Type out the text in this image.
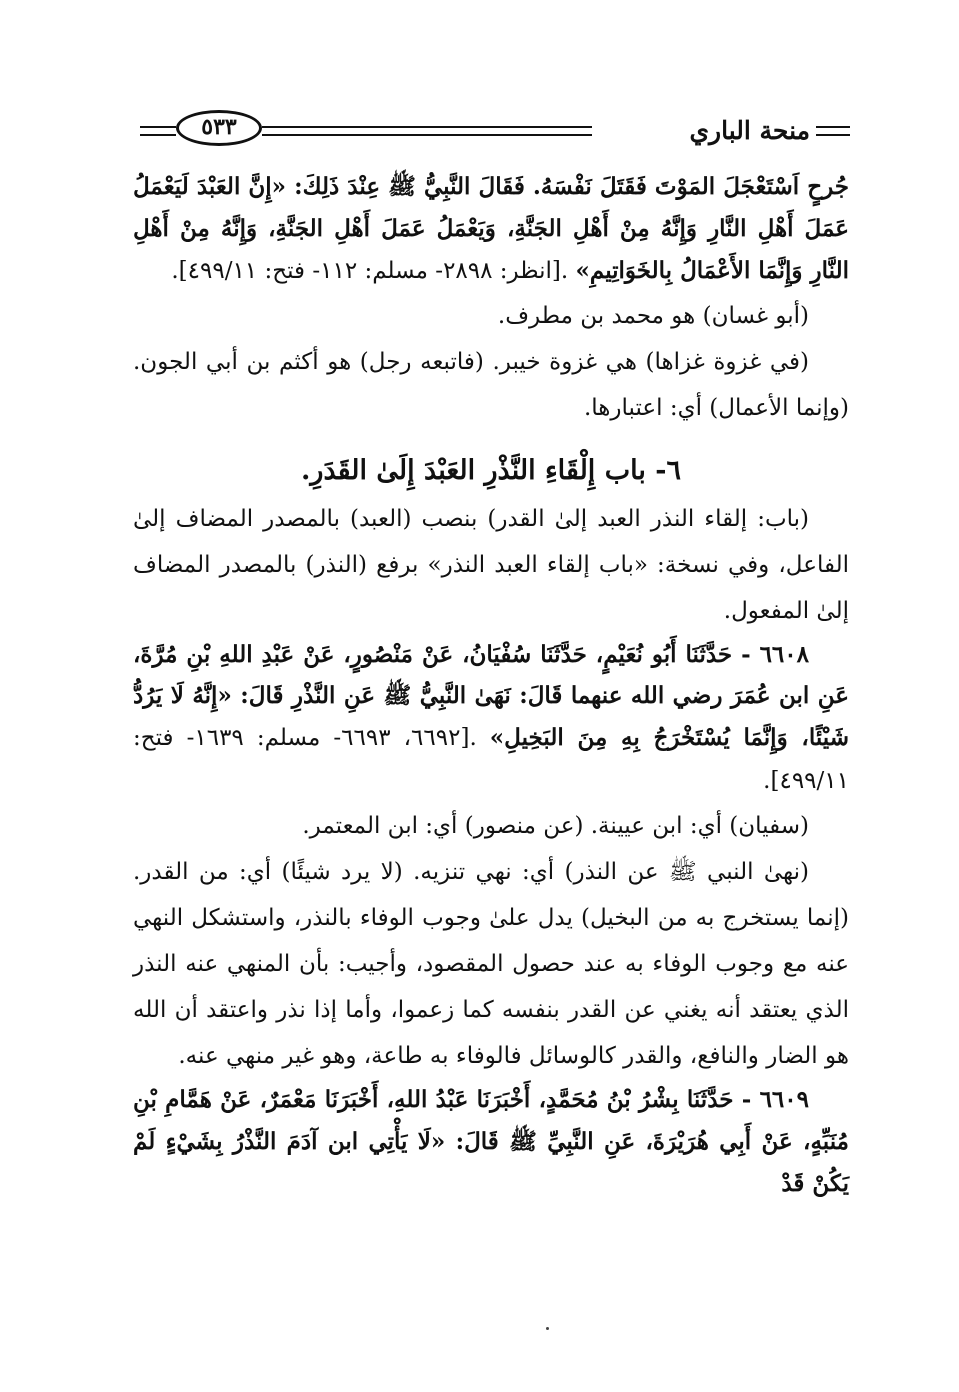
منحة الباري
٥٣٣

جُرحٍ اَسْتَعْجَلَ المَوْتَ فَقَتَلَ نَفْسَهُ. فَقَالَ النَّبِيُّ ﷺ عِنْدَ ذَلِكَ: «إِنَّ العَبْدَ لَيَعْمَلُ عَمَلَ أَهْلِ النَّارِ وَإِنَّهُ مِنْ أَهْلِ الجَنَّةِ، وَيَعْمَلُ عَمَلَ أَهْلِ الجَنَّةِ، وَإِنَّهُ مِنْ أَهْلِ النَّارِ وَإِنَّمَا الأَعْمَالُ بِالخَوَاتِيمِ» .[انظر: ٢٨٩٨- مسلم: ١١٢- فتح: ٤٩٩/١١].

(أبو غسان) هو محمد بن مطرف.

(في غزوة غزاها) هي غزوة خيبر. (فاتبعه رجل) هو أكثم بن أبي الجون. (وإنما الأعمال) أي: اعتبارها.

٦- باب إِلْقَاءِ النَّذْرِ العَبْدَ إِلَىٰ القَدَرِ.

(باب: إلقاء النذر العبد إلىٰ القدر) بنصب (العبد) بالمصدر المضاف إلىٰ الفاعل، وفي نسخة: «باب إلقاء العبد النذر» برفع (النذر) بالمصدر المضاف إلىٰ المفعول.

٦٦٠٨ - حَدَّثَنَا أَبُو نُعَيْمٍ، حَدَّثَنَا سُفْيَانُ، عَنْ مَنْصُورٍ، عَنْ عَبْدِ اللهِ بْنِ مُرَّةَ، عَنِ ابن عُمَرَ رضي الله عنهما قَالَ: نَهَىٰ النَّبِيُّ ﷺ عَنِ النَّذْرِ قَالَ: «إِنَّهُ لَا يَرُدُّ شَيْئًا، وَإِنَّمَا يُسْتَخْرَجُ بِهِ مِنَ البَخِيلِ» .[٦٦٩٢، ٦٦٩٣- مسلم: ١٦٣٩- فتح: ٤٩٩/١١].

(سفيان) أي: ابن عيينة. (عن منصور) أي: ابن المعتمر.

(نهىٰ النبي ﷺ عن النذر) أي: نهي تنزيه. (لا يرد شيئًا) أي: من القدر. (إنما يستخرج به من البخيل) يدل علىٰ وجوب الوفاء بالنذر، واستشكل النهي عنه مع وجوب الوفاء به عند حصول المقصود، وأجيب: بأن المنهي عنه النذر الذي يعتقد أنه يغني عن القدر بنفسه كما زعموا، وأما إذا نذر واعتقد أن الله هو الضار والنافع، والقدر كالوسائل فالوفاء به طاعة، وهو غير منهي عنه.

٦٦٠٩ - حَدَّثَنَا بِشْرُ بْنُ مُحَمَّدٍ، أَخْبَرَنَا عَبْدُ اللهِ، أَخْبَرَنَا مَعْمَرٌ، عَنْ هَمَّامِ بْنِ مُنَبِّهٍ، عَنْ أَبِي هُرَيْرَةَ، عَنِ النَّبِيِّ ﷺ قَالَ: «لَا يَأْتِي ابن آدَمَ النَّذْرُ بِشَيْءٍ لَمْ يَكُنْ قَدْ
